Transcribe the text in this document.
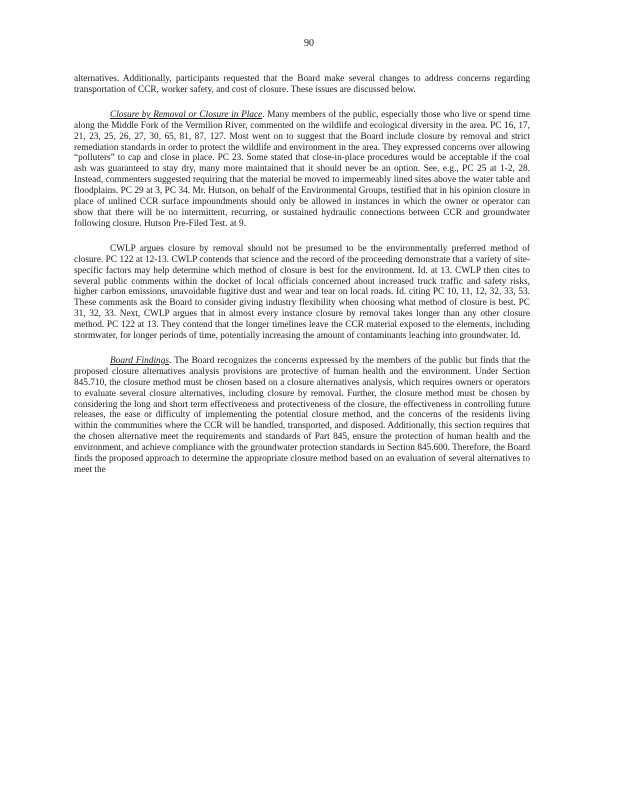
90

alternatives. Additionally, participants requested that the Board make several changes to address concerns regarding transportation of CCR, worker safety, and cost of closure. These issues are discussed below.

Closure by Removal or Closure in Place. Many members of the public, especially those who live or spend time along the Middle Fork of the Vermilion River, commented on the wildlife and ecological diversity in the area. PC 16, 17, 21, 23, 25, 26, 27, 30, 65, 81, 87, 127. Most went on to suggest that the Board include closure by removal and strict remediation standards in order to protect the wildlife and environment in the area. They expressed concerns over allowing “polluters” to cap and close in place. PC 23. Some stated that close-in-place procedures would be acceptable if the coal ash was guaranteed to stay dry, many more maintained that it should never be an option. See, e.g., PC 25 at 1-2, 28. Instead, commenters suggested requiring that the material be moved to impermeably lined sites above the water table and floodplains. PC 29 at 3, PC 34. Mr. Hutson, on behalf of the Environmental Groups, testified that in his opinion closure in place of unlined CCR surface impoundments should only be allowed in instances in which the owner or operator can show that there will be no intermittent, recurring, or sustained hydraulic connections between CCR and groundwater following closure. Hutson Pre-Filed Test. at 9.

CWLP argues closure by removal should not be presumed to be the environmentally preferred method of closure. PC 122 at 12-13. CWLP contends that science and the record of the proceeding demonstrate that a variety of site-specific factors may help determine which method of closure is best for the environment. Id. at 13. CWLP then cites to several public comments within the docket of local officials concerned about increased truck traffic and safety risks, higher carbon emissions, unavoidable fugitive dust and wear and tear on local roads. Id. citing PC 10, 11, 12, 32, 33, 53. These comments ask the Board to consider giving industry flexibility when choosing what method of closure is best. PC 31, 32, 33. Next, CWLP argues that in almost every instance closure by removal takes longer than any other closure method. PC 122 at 13. They contend that the longer timelines leave the CCR material exposed to the elements, including stormwater, for longer periods of time, potentially increasing the amount of contaminants leaching into groundwater. Id.

Board Findings. The Board recognizes the concerns expressed by the members of the public but finds that the proposed closure alternatives analysis provisions are protective of human health and the environment. Under Section 845.710, the closure method must be chosen based on a closure alternatives analysis, which requires owners or operators to evaluate several closure alternatives, including closure by removal. Further, the closure method must be chosen by considering the long and short term effectiveness and protectiveness of the closure, the effectiveness in controlling future releases, the ease or difficulty of implementing the potential closure method, and the concerns of the residents living within the communities where the CCR will be handled, transported, and disposed. Additionally, this section requires that the chosen alternative meet the requirements and standards of Part 845, ensure the protection of human health and the environment, and achieve compliance with the groundwater protection standards in Section 845.600. Therefore, the Board finds the proposed approach to determine the appropriate closure method based on an evaluation of several alternatives to meet the
